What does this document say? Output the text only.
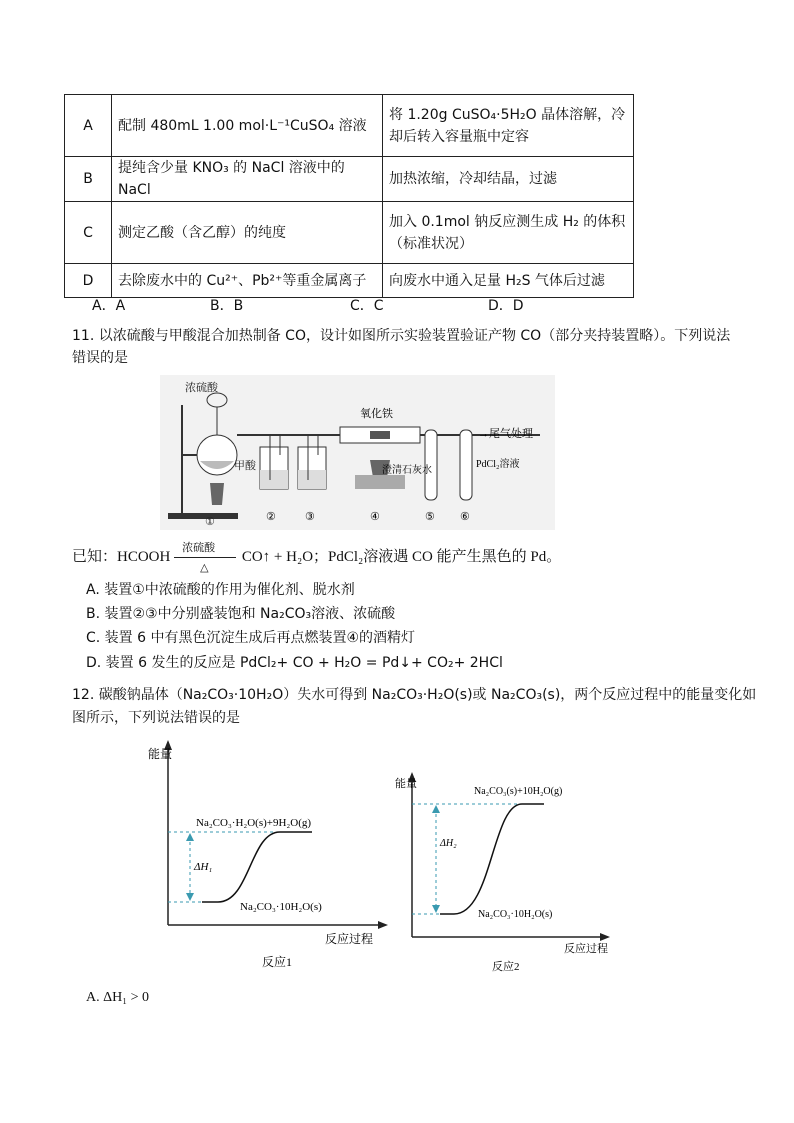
A	配制 480mL 1.00 mol·L⁻¹CuSO₄ 溶液	将 1.20g CuSO₄·5H₂O 晶体溶解，冷却后转入容量瓶中定容
B	提纯含少量 KNO₃ 的 NaCl 溶液中的 NaCl	加热浓缩，冷却结晶，过滤
C	测定乙酸（含乙醇）的纯度	加入 0.1mol 钠反应测生成 H₂ 的体积（标准状况）
D	去除废水中的 Cu²⁺、Pb²⁺等重金属离子	向废水中通入足量 H₂S 气体后过滤
A．A	B．B	C．C	D．D
11. 以浓硫酸与甲酸混合加热制备 CO，设计如图所示实验装置验证产物 CO（部分夹持装置略）。下列说法
错误的是
①
浓硫酸
甲酸
②	③
氧化铁
④	⑤ ⑥
澄清石灰水
PdCl₂溶液
→尾气处理
已知：HCOOH
浓硫酸
△
CO↑ + H₂O；PdCl₂溶液遇 CO 能产生黑色的 Pd。
A. 装置①中浓硫酸的作用为催化剂、脱水剂
B. 装置②③中分别盛装饱和 Na₂CO₃溶液、浓硫酸
C. 装置 6 中有黑色沉淀生成后再点燃装置④的酒精灯
D. 装置 6 发生的反应是 PdCl₂+ CO + H₂O = Pd↓+ CO₂+ 2HCl
12. 碳酸钠晶体（Na₂CO₃·10H₂O）失水可得到 Na₂CO₃·H₂O(s)或 Na₂CO₃(s)，两个反应过程中的能量变化如
图所示，下列说法错误的是
能量
ΔH₁
Na₂CO₃·H₂O(s)+9H₂O(g)
Na₂CO₃·10H₂O(s)
反应过程
反应1
能量
ΔH₂
Na₂CO₃(s)+10H₂O(g)
Na₂CO₃·10H₂O(s)
反应过程
反应2
A. ΔH₁ > 0
